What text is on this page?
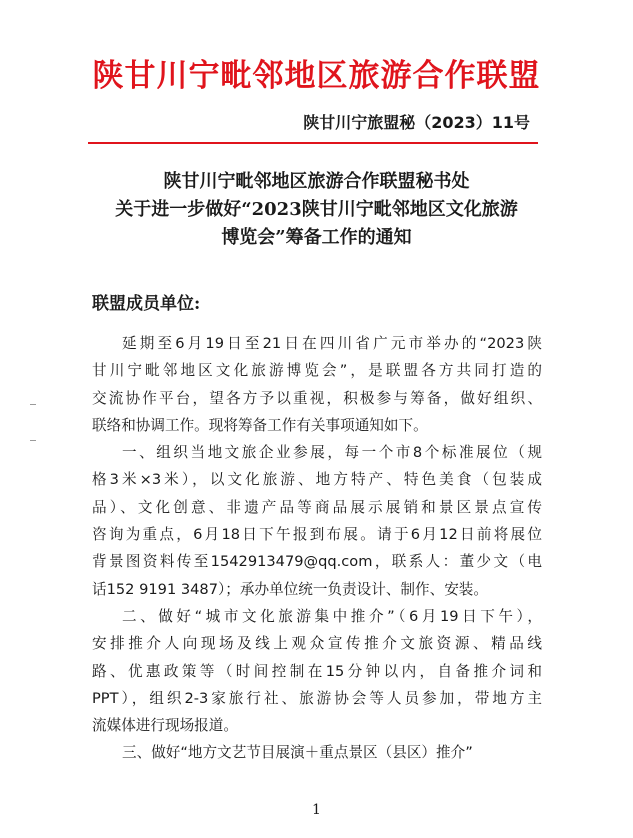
陕甘川宁毗邻地区旅游合作联盟
陕甘川宁旅盟秘（2023）11号
陕甘川宁毗邻地区旅游合作联盟秘书处
关于进一步做好“2023陕甘川宁毗邻地区文化旅游
博览会”筹备工作的通知
联盟成员单位:
延期至6月19日至21日在四川省广元市举办的“2023陕
甘川宁毗邻地区文化旅游博览会”，是联盟各方共同打造的
交流协作平台，望各方予以重视，积极参与筹备，做好组织、
联络和协调工作。现将筹备工作有关事项通知如下。
一、组织当地文旅企业参展，每一个市8个标准展位（规
格3米×3米），以文化旅游、地方特产、特色美食（包装成
品）、文化创意、非遗产品等商品展示展销和景区景点宣传
咨询为重点，6月18日下午报到布展。请于6月12日前将展位
背景图资料传至1542913479@qq.com，联系人：董少文（电
话152 9191 3487）；承办单位统一负责设计、制作、安装。
二、做好“城市文化旅游集中推介”（6月19日下午），
安排推介人向现场及线上观众宣传推介文旅资源、精品线
路、优惠政策等（时间控制在15分钟以内，自备推介词和
PPT），组织2-3家旅行社、旅游协会等人员参加，带地方主
流媒体进行现场报道。
三、做好“地方文艺节目展演＋重点景区（县区）推介”
1
